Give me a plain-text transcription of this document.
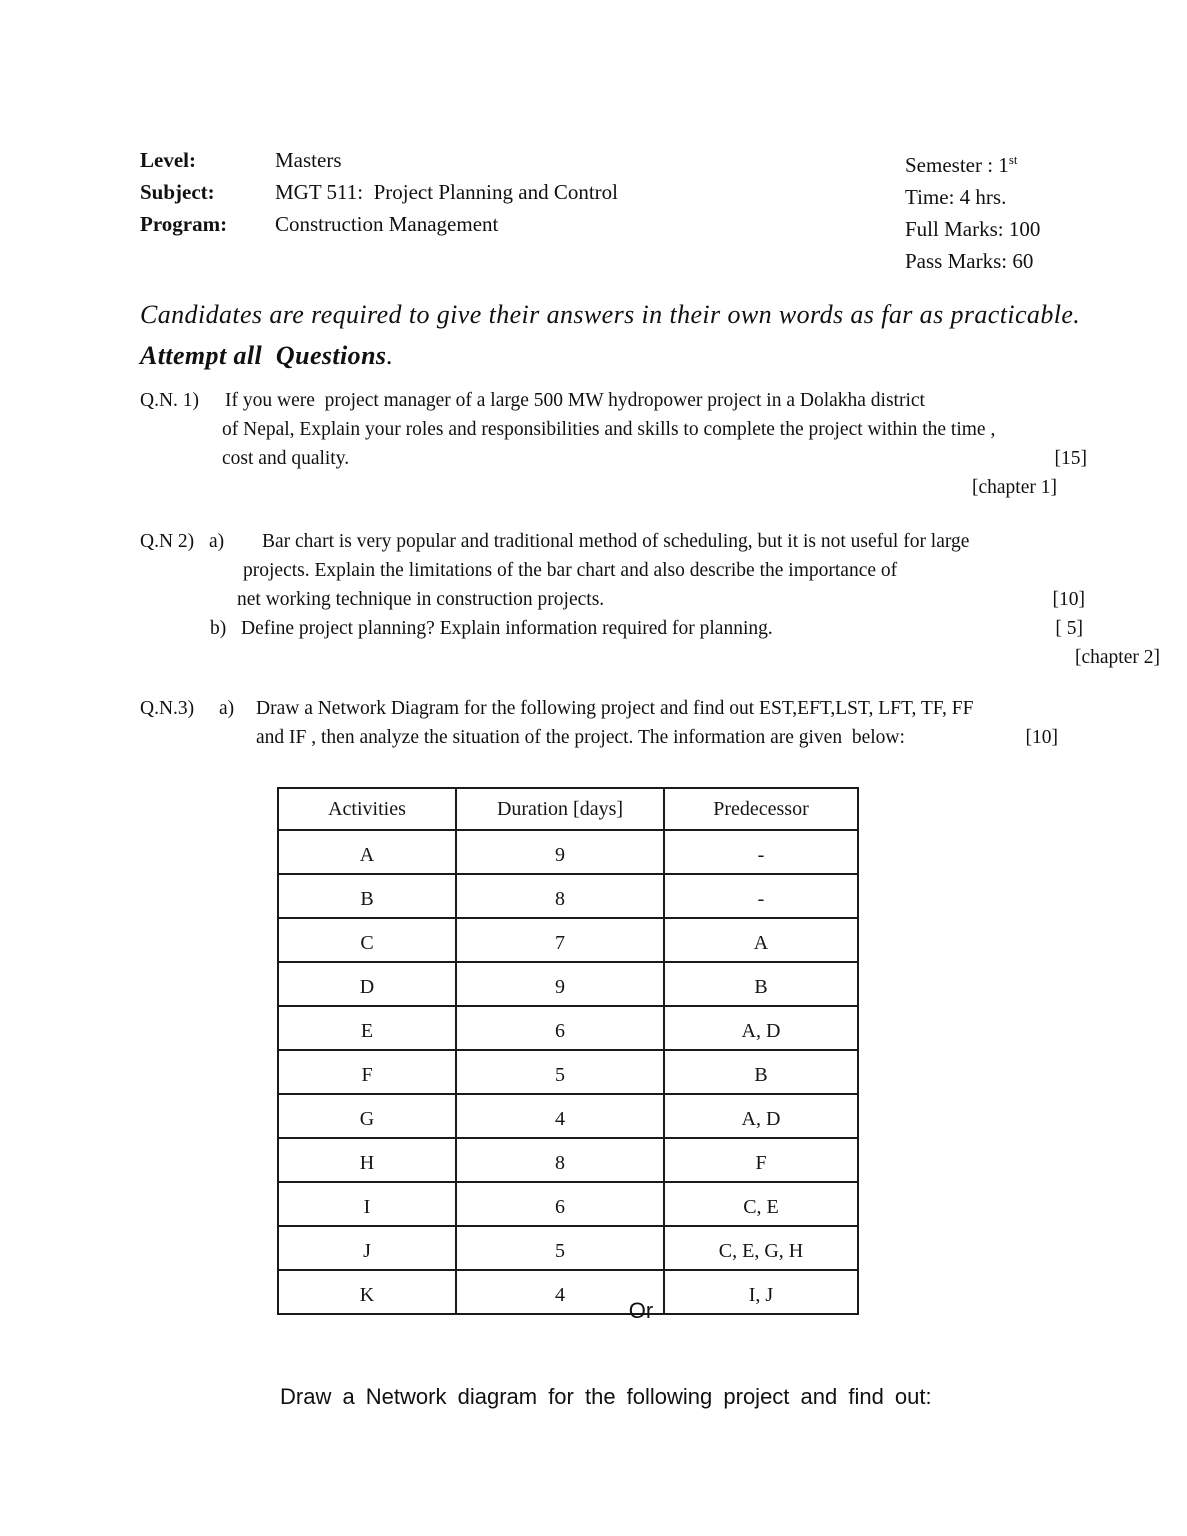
Level:	Masters
Subject:	MGT 511:  Project Planning and Control
Program:	Construction Management
Semester : 1st
Time: 4 hrs.
Full Marks: 100
Pass Marks: 60
Candidates are required to give their answers in their own words as far as practicable.
Attempt all  Questions.
Q.N. 1) If you were  project manager of a large 500 MW hydropower project in a Dolakha district
of Nepal, Explain your roles and responsibilities and skills to complete the project within the time ,
cost and quality.	[15]
[chapter 1]
Q.N 2) a) Bar chart is very popular and traditional method of scheduling, but it is not useful for large
projects. Explain the limitations of the bar chart and also describe the importance of
net working technique in construction projects.	[10]
b) Define project planning? Explain information required for planning.	[ 5]
[chapter 2]
Q.N.3) a) Draw a Network Diagram for the following project and find out EST,EFT,LST, LFT, TF, FF
and IF , then analyze the situation of the project. The information are given  below:	[10]
Activities	Duration [days]	Predecessor
A	9	-
B	8	-
C	7	A
D	9	B
E	6	A, D
F	5	B
G	4	A, D
H	8	F
I	6	C, E
J	5	C, E, G, H
K	4	I, J
Or
Draw a Network diagram for the following project and find out:
